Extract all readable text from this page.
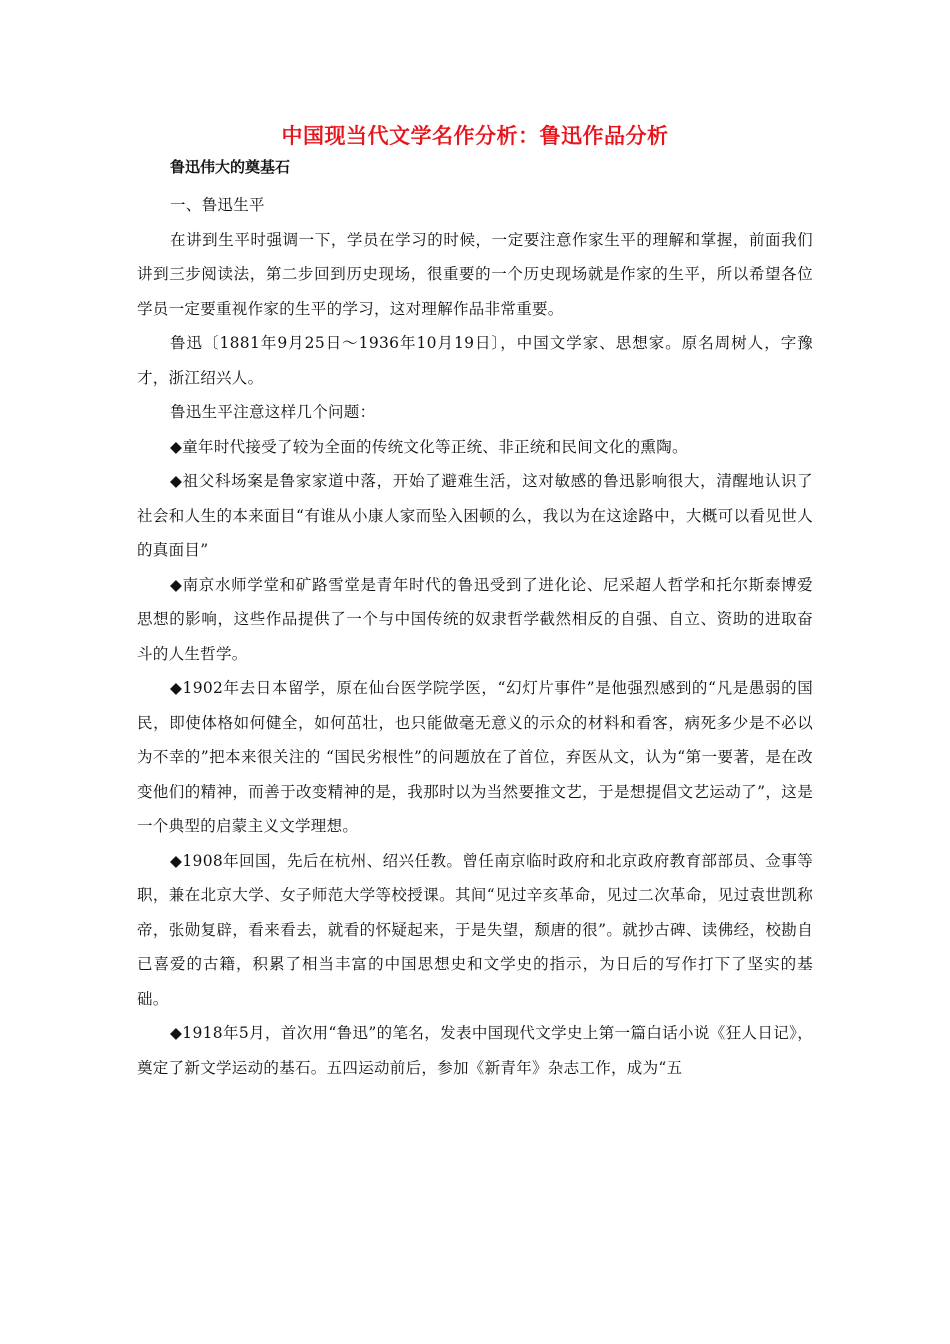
中国现当代文学名作分析：鲁迅作品分析
鲁迅伟大的奠基石

一、鲁迅生平

在讲到生平时强调一下，学员在学习的时候，一定要注意作家生平的理解和掌握，前面我们讲到三步阅读法，第二步回到历史现场，很重要的一个历史现场就是作家的生平，所以希望各位学员一定要重视作家的生平的学习，这对理解作品非常重要。

鲁迅〔1881年9月25日～1936年10月19日〕，中国文学家、思想家。原名周树人，字豫才，浙江绍兴人。

鲁迅生平注意这样几个问题：

◆童年时代接受了较为全面的传统文化等正统、非正统和民间文化的熏陶。

◆祖父科场案是鲁家家道中落，开始了避难生活，这对敏感的鲁迅影响很大，清醒地认识了社会和人生的本来面目“有谁从小康人家而坠入困顿的么，我以为在这途路中，大概可以看见世人的真面目”

◆南京水师学堂和矿路雪堂是青年时代的鲁迅受到了进化论、尼采超人哲学和托尔斯泰博爱思想的影响，这些作品提供了一个与中国传统的奴隶哲学截然相反的自强、自立、资助的进取奋斗的人生哲学。

◆1902年去日本留学，原在仙台医学院学医，“幻灯片事件”是他强烈感到的“凡是愚弱的国民，即使体格如何健全，如何茁壮，也只能做毫无意义的示众的材料和看客，病死多少是不必以为不幸的”把本来很关注的 “国民劣根性”的问题放在了首位，弃医从文，认为“第一要著，是在改变他们的精神，而善于改变精神的是，我那时以为当然要推文艺，于是想提倡文艺运动了”，这是一个典型的启蒙主义文学理想。

◆1908年回国，先后在杭州、绍兴任教。曾任南京临时政府和北京政府教育部部员、佥事等职，兼在北京大学、女子师范大学等校授课。其间“见过辛亥革命，见过二次革命，见过袁世凯称帝，张勋复辟，看来看去，就看的怀疑起来，于是失望，颓唐的很”。就抄古碑、读佛经，校勘自已喜爱的古籍，积累了相当丰富的中国思想史和文学史的指示，为日后的写作打下了坚实的基础。

◆1918年5月，首次用“鲁迅”的笔名，发表中国现代文学史上第一篇白话小说《狂人日记》，奠定了新文学运动的基石。五四运动前后，参加《新青年》杂志工作，成为“五
